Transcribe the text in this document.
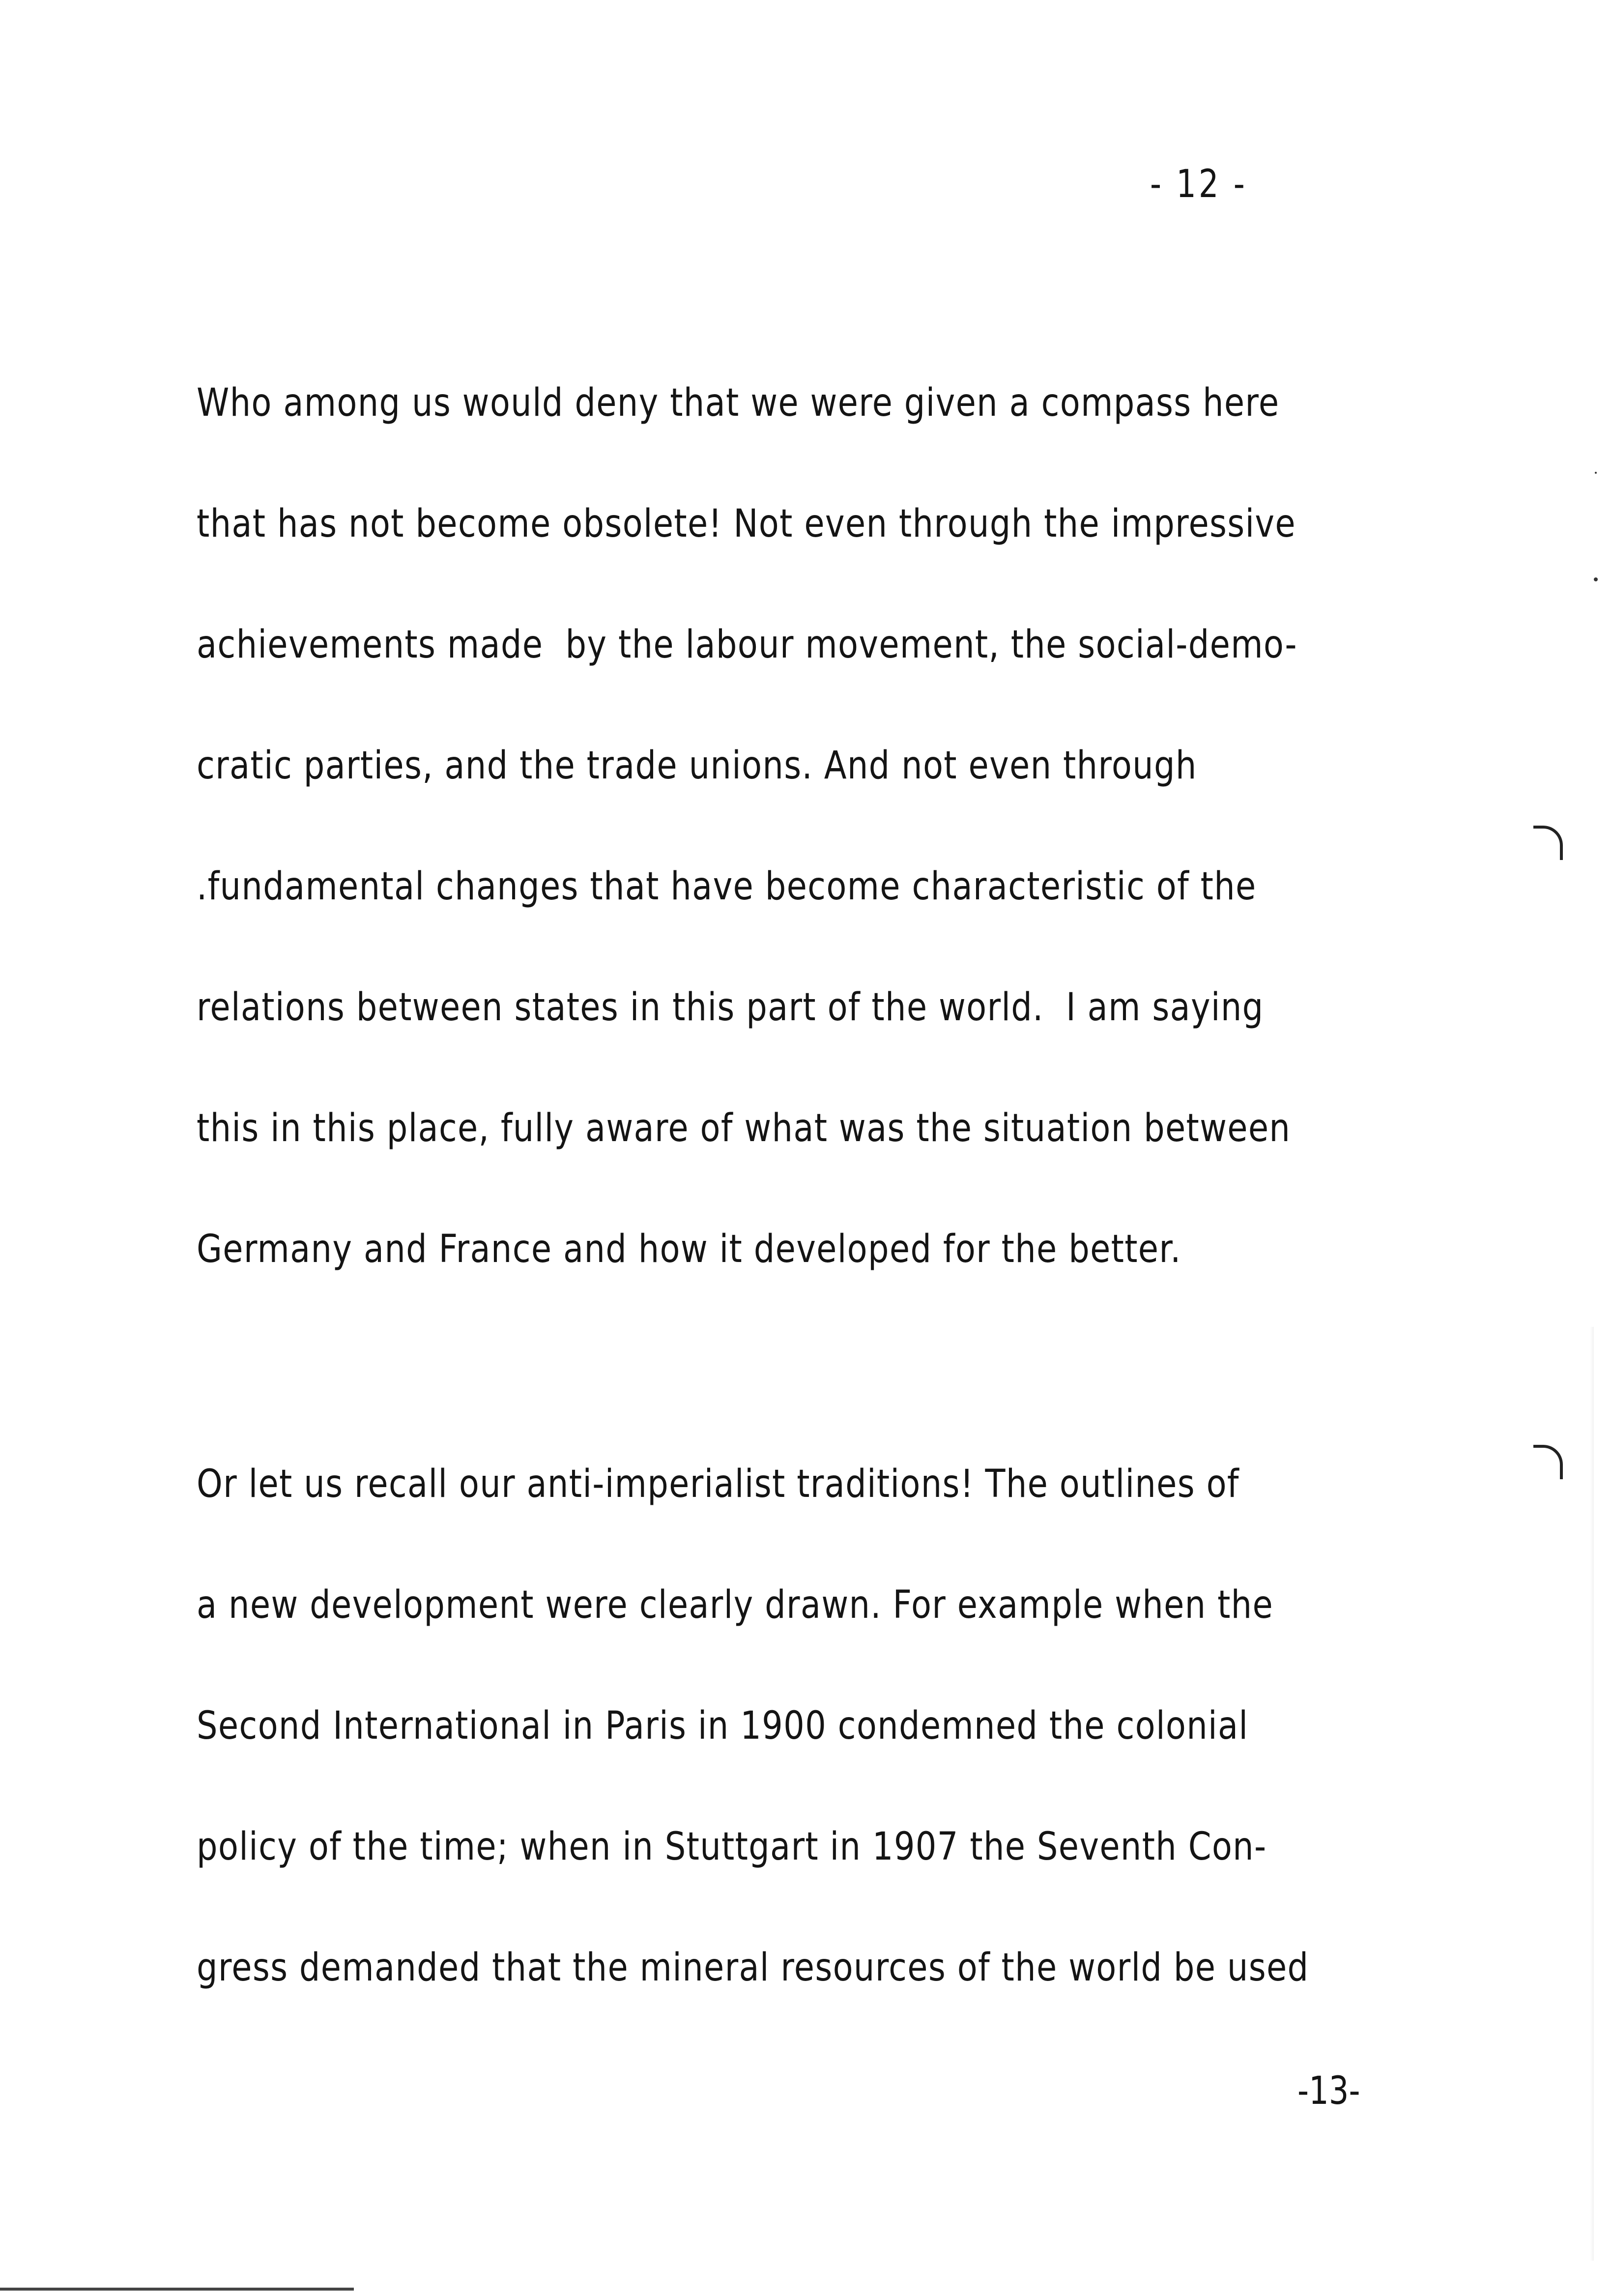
- 12 -
Who among us would deny that we were given a compass here
that has not become obsolete! Not even through the impressive
achievements made  by the labour movement, the social-demo-
cratic parties, and the trade unions. And not even through
.fundamental changes that have become characteristic of the
relations between states in this part of the world.  I am saying
this in this place, fully aware of what was the situation between
Germany and France and how it developed for the better.
Or let us recall our anti-imperialist traditions! The outlines of
a new development were clearly drawn. For example when the
Second International in Paris in 1900 condemned the colonial
policy of the time; when in Stuttgart in 1907 the Seventh Con-
gress demanded that the mineral resources of the world be used
-13-
